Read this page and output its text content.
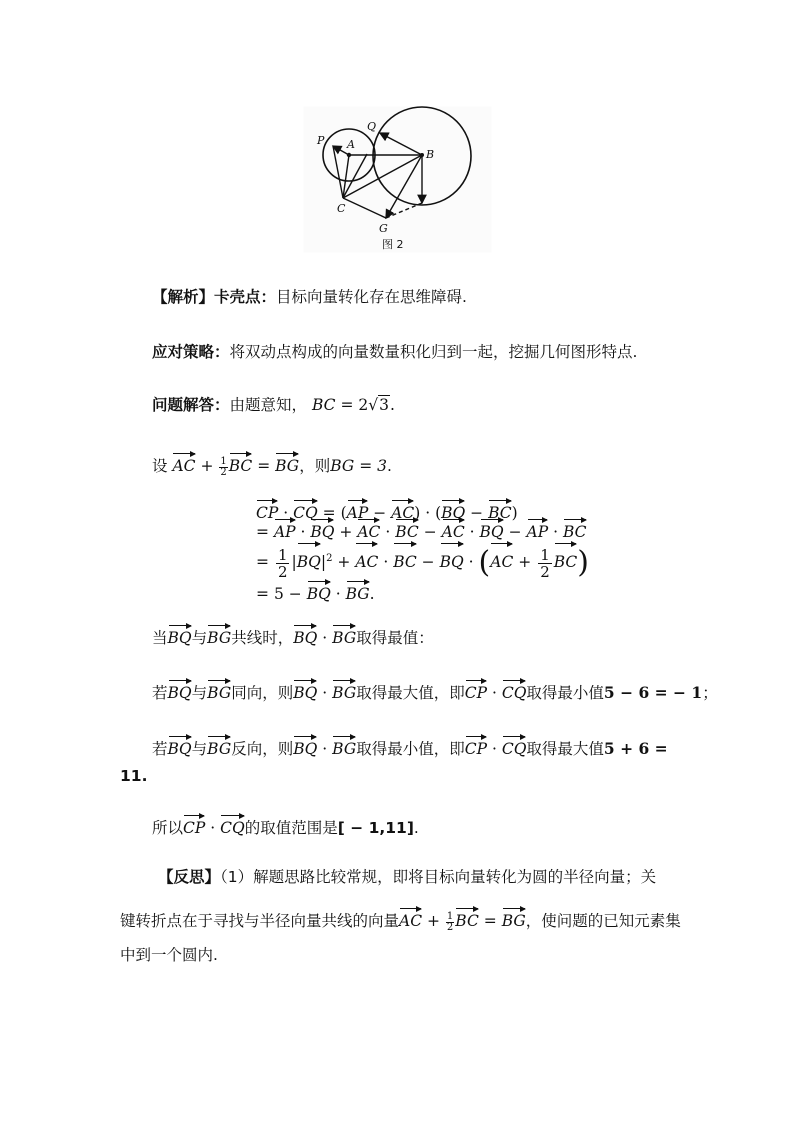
P A
Q
B
C
G
图 2
【解析】卡壳点：目标向量转化存在思维障碍.
应对策略：将双动点构成的向量数量积化归到一起，挖掘几何图形特点.
问题解答：由题意知， BC = 2√3.
设 AC + $\frac{1}{2}$ BC = BG，则BG = 3.
CP · CQ = (AP − AC) · (BQ − BC)
= AP · BQ + AC · BC − AC · BQ − AP · BC
= $\frac{1}{2} |BQ|^2$ + AC · BC − BQ · $(AC + \frac{1}{2} BC)$
= 5 − BQ · BG.
当BQ与BG共线时，BQ · BG取得最值：
若BQ与BG同向，则BQ · BG取得最大值，即CP · CQ取得最小值5 − 6 = − 1；
若BQ与BG反向，则BQ · BG取得最小值，即CP · CQ取得最大值5 + 6 =
11.
所以CP · CQ的取值范围是[ − 1,11].
【反思】（1）解题思路比较常规，即将目标向量转化为圆的半径向量；关
键转折点在于寻找与半径向量共线的向量AC + $\frac{1}{2}$ BC = BG，使问题的已知元素集
中到一个圆内.
